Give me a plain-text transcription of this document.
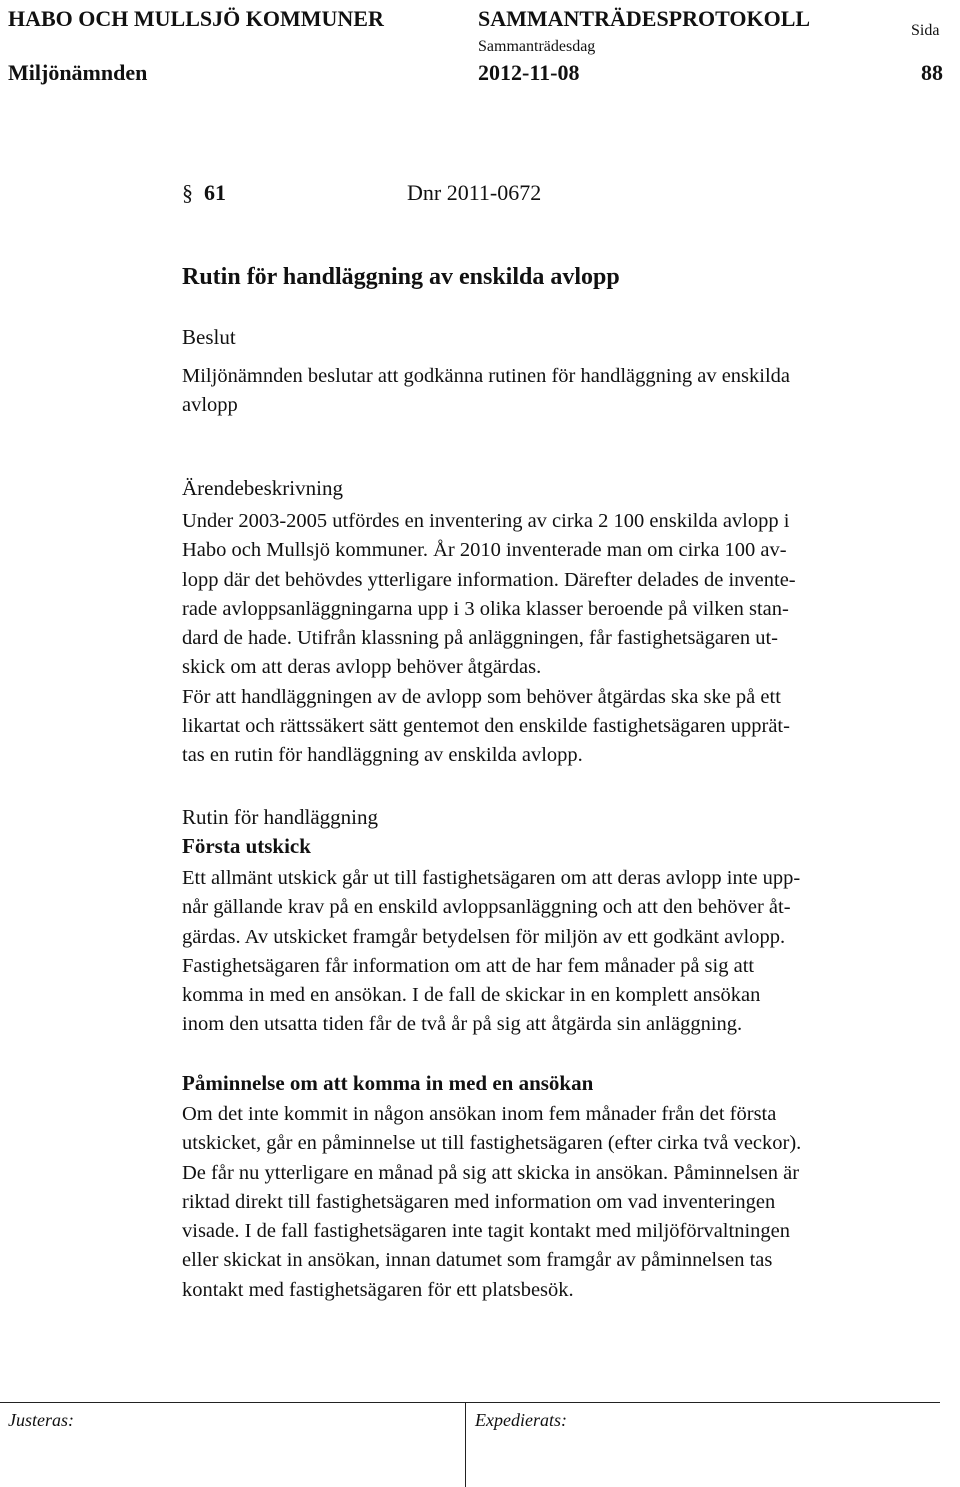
HABO OCH MULLSJÖ KOMMUNER	SAMMANTRÄDESPROTOKOLL
Sammanträdesdag
Sida
Miljönämnden	2012-11-08	88
§ 61	Dnr 2011-0672
Rutin för handläggning av enskilda avlopp
Beslut
Miljönämnden beslutar att godkänna rutinen för handläggning av enskilda
avlopp
Ärendebeskrivning
Under 2003-2005 utfördes en inventering av cirka 2 100 enskilda avlopp i
Habo och Mullsjö kommuner. År 2010 inventerade man om cirka 100 av-
lopp där det behövdes ytterligare information. Därefter delades de invente-
rade avloppsanläggningarna upp i 3 olika klasser beroende på vilken stan-
dard de hade. Utifrån klassning på anläggningen, får fastighetsägaren ut-
skick om att deras avlopp behöver åtgärdas.
För att handläggningen av de avlopp som behöver åtgärdas ska ske på ett
likartat och rättssäkert sätt gentemot den enskilde fastighetsägaren upprät-
tas en rutin för handläggning av enskilda avlopp.
Rutin för handläggning
Första utskick
Ett allmänt utskick går ut till fastighetsägaren om att deras avlopp inte upp-
når gällande krav på en enskild avloppsanläggning och att den behöver åt-
gärdas. Av utskicket framgår betydelsen för miljön av ett godkänt avlopp.
Fastighetsägaren får information om att de har fem månader på sig att
komma in med en ansökan. I de fall de skickar in en komplett ansökan
inom den utsatta tiden får de två år på sig att åtgärda sin anläggning.
Påminnelse om att komma in med en ansökan
Om det inte kommit in någon ansökan inom fem månader från det första
utskicket, går en påminnelse ut till fastighetsägaren (efter cirka två veckor).
De får nu ytterligare en månad på sig att skicka in ansökan. Påminnelsen är
riktad direkt till fastighetsägaren med information om vad inventeringen
visade. I de fall fastighetsägaren inte tagit kontakt med miljöförvaltningen
eller skickat in ansökan, innan datumet som framgår av påminnelsen tas
kontakt med fastighetsägaren för ett platsbesök.
Justeras:	Expedierats:
